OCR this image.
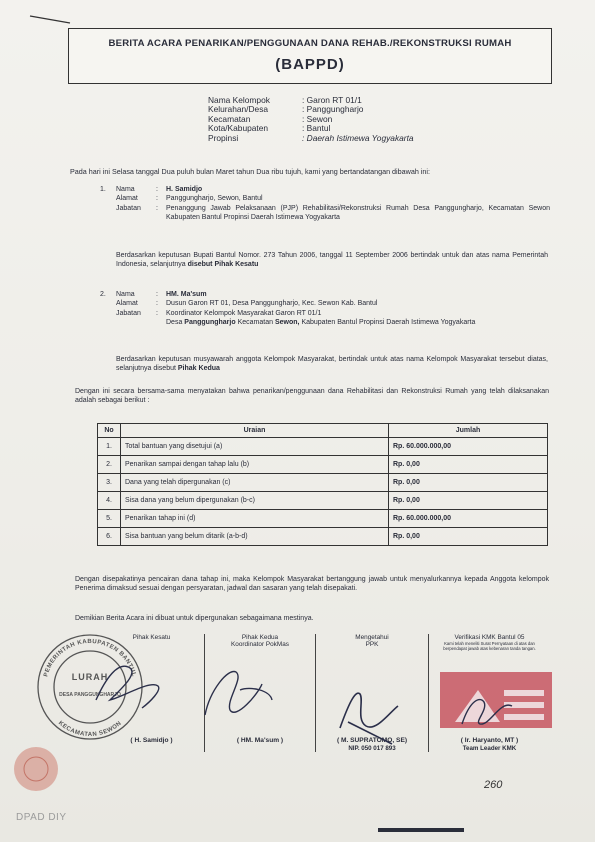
BERITA ACARA PENARIKAN/PENGGUNAAN DANA REHAB./REKONSTRUKSI RUMAH
(BAPPD)
Nama Kelompok	: Garon RT 01/1
Kelurahan/Desa	: Panggungharjo
Kecamatan	: Sewon
Kota/Kabupaten	: Bantul
Propinsi	: Daerah Istimewa Yogyakarta
Pada hari ini Selasa tanggal Dua puluh bulan Maret tahun Dua ribu tujuh, kami yang bertandatangan dibawah ini:
1.	Nama	:	H. Samidjo
Alamat	:	Panggungharjo, Sewon, Bantul
Jabatan	:	Penanggung Jawab Pelaksanaan (PJP) Rehabilitasi/Rekonstruksi Rumah Desa Panggungharjo, Kecamatan Sewon Kabupaten Bantul Propinsi Daerah Istimewa Yogyakarta
Berdasarkan keputusan Bupati Bantul Nomor. 273 Tahun 2006, tanggal 11 September 2006 bertindak untuk dan atas nama Pemerintah Indonesia, selanjutnya disebut Pihak Kesatu
2.	Nama	:	HM. Ma'sum
Alamat	:	Dusun Garon RT 01, Desa Panggungharjo, Kec. Sewon Kab. Bantul
Jabatan	:	Koordinator Kelompok Masyarakat Garon RT 01/1
Desa Panggungharjo Kecamatan Sewon, Kabupaten Bantul Propinsi Daerah Istimewa Yogyakarta
Berdasarkan keputusan musyawarah anggota Kelompok Masyarakat, bertindak untuk atas nama Kelompok Masyarakat tersebut diatas, selanjutnya disebut Pihak Kedua
Dengan ini secara bersama-sama menyatakan bahwa penarikan/penggunaan dana Rehabilitasi dan Rekonstruksi Rumah yang telah dilaksanakan adalah sebagai berikut :
No	Uraian	Jumlah
1.	Total bantuan yang disetujui (a)	Rp. 60.000.000,00
2.	Penarikan sampai dengan tahap lalu (b)	Rp. 0,00
3.	Dana yang telah dipergunakan (c)	Rp. 0,00
4.	Sisa dana yang belum dipergunakan (b-c)	Rp. 0,00
5.	Penarikan tahap ini (d)	Rp. 60.000.000,00
6.	Sisa bantuan yang belum ditarik (a-b-d)	Rp. 0,00
Dengan disepakatinya pencairan dana tahap ini, maka Kelompok Masyarakat bertanggung jawab untuk menyalurkannya kepada Anggota kelompok Penerima dimaksud sesuai dengan persyaratan, jadwal dan sasaran yang telah disepakati.
Demikian Berita Acara ini dibuat untuk dipergunakan sebagaimana mestinya.
Pihak Kesatu
( H. Samidjo )
Pihak Kedua
Koordinator PokMas
( HM. Ma'sum )
Mengetahui
PPK
( M. SUPRATOMO, SE)
NIP. 050 017 893
Verifikasi KMK Bantul 05
Kami telah meneliti Surat Pernyataan di atas dan berpendapat jawab atas kebenaran tanda tangan.
( Ir. Haryanto, MT )
Team Leader KMK
PEMERINTAH KABUPATEN BANTUL
KECAMATAN SEWON
LURAH
DESA PANGGUNGHARJO
260
DPAD DIY
